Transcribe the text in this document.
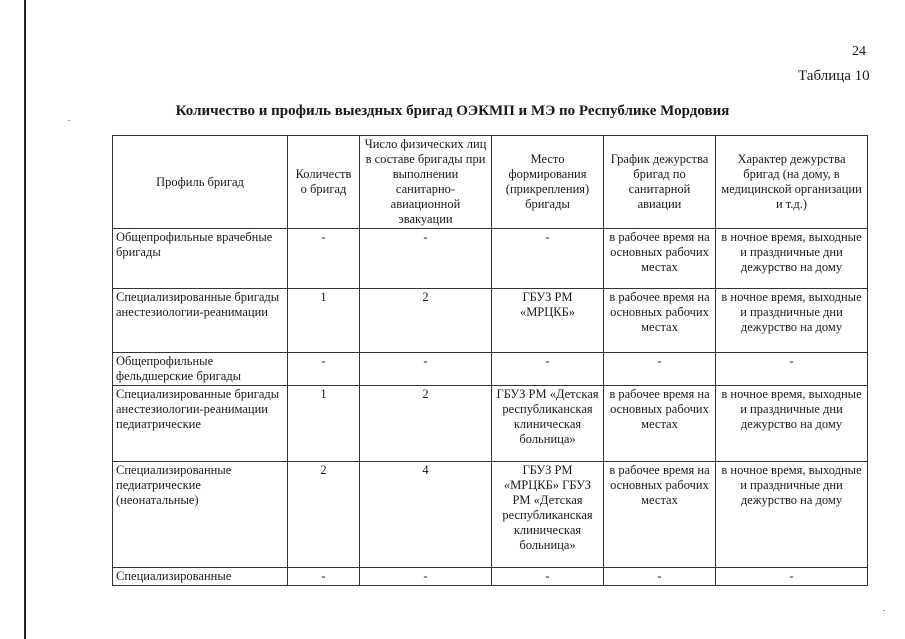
24
Таблица 10
Количество и профиль выездных бригад ОЭКМП и МЭ по Республике Мордовия
Профиль бригад	Количеств о бригад	Число физических лиц в составе бригады при выполнении санитарно-авиационной эвакуации	Место формирования (прикрепления) бригады	График дежурства бригад по санитарной авиации	Характер дежурства бригад (на дому, в медицинской организации и т.д.)
Общепрофильные врачебные бригады	-	-	-	в рабочее время на основных рабочих местах	в ночное время, выходные и праздничные дни дежурство на дому
Специализированные бригады анестезиологии-реанимации	1	2	ГБУЗ РМ «МРЦКБ»	в рабочее время на основных рабочих местах	в ночное время, выходные и праздничные дни дежурство на дому
Общепрофильные фельдшерские бригады	-	-	-	-	-
Специализированные бригады анестезиологии-реанимации педиатрические	1	2	ГБУЗ РМ «Детская республиканская клиническая больница»	в рабочее время на основных рабочих местах	в ночное время, выходные и праздничные дни дежурство на дому
Специализированные педиатрические (неонатальные)	2	4	ГБУЗ РМ «МРЦКБ» ГБУЗ РМ «Детская республиканская клиническая больница»	в рабочее время на основных рабочих местах	в ночное время, выходные и праздничные дни дежурство на дому
Специализированные	-	-	-	-	-
